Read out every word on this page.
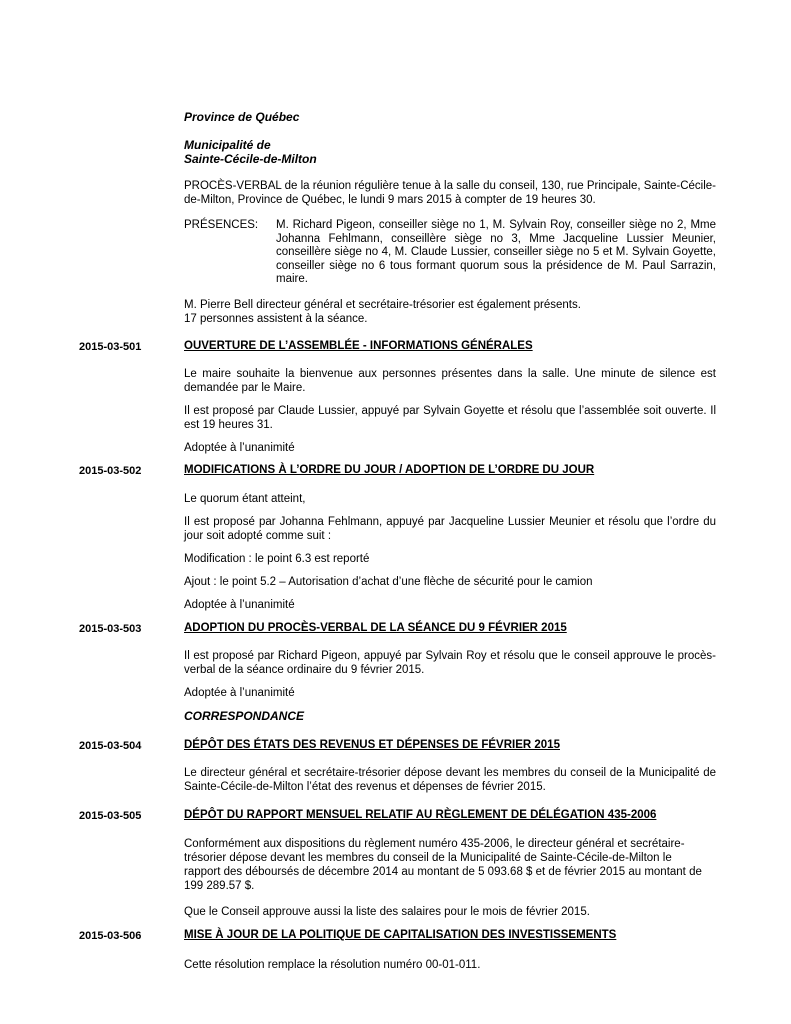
Province de Québec

Municipalité de

Sainte-Cécile-de-Milton

PROCÈS-VERBAL de la réunion régulière tenue à la salle du conseil, 130, rue Principale, Sainte-Cécile-de-Milton, Province de Québec, le lundi 9 mars 2015 à compter de 19 heures 30.

PRÉSENCES: M. Richard Pigeon, conseiller siège no 1, M. Sylvain Roy, conseiller siège no 2, Mme Johanna Fehlmann, conseillère siège no 3, Mme Jacqueline Lussier Meunier, conseillère siège no 4, M. Claude Lussier, conseiller siège no 5 et M. Sylvain Goyette, conseiller siège no 6 tous formant quorum sous la présidence de M. Paul Sarrazin, maire.

M. Pierre Bell directeur général et secrétaire-trésorier est également présents.

17 personnes assistent à la séance.

2015-03-501	OUVERTURE DE L’ASSEMBLÉE - INFORMATIONS GÉNÉRALES

Le maire souhaite la bienvenue aux personnes présentes dans la salle. Une minute de silence est demandée par le Maire.

Il est proposé par Claude Lussier, appuyé par Sylvain Goyette et résolu que l’assemblée soit ouverte. Il est 19 heures 31.

Adoptée à l’unanimité

2015-03-502	MODIFICATIONS À L’ORDRE DU JOUR / ADOPTION DE L’ORDRE DU JOUR

Le quorum étant atteint,

Il est proposé par Johanna Fehlmann, appuyé par Jacqueline Lussier Meunier et résolu que l’ordre du jour soit adopté comme suit :

Modification : le point 6.3 est reporté

Ajout : le point 5.2 – Autorisation d’achat d’une flèche de sécurité pour le camion

Adoptée à l’unanimité

2015-03-503	ADOPTION DU PROCÈS-VERBAL DE LA SÉANCE DU 9 FÉVRIER 2015

Il est proposé par Richard Pigeon, appuyé par Sylvain Roy et résolu que le conseil approuve le procès-verbal de la séance ordinaire du 9 février 2015.

Adoptée à l’unanimité

CORRESPONDANCE

2015-03-504	DÉPÔT DES ÉTATS DES REVENUS ET DÉPENSES DE FÉVRIER 2015

Le directeur général et secrétaire-trésorier dépose devant les membres du conseil de la Municipalité de Sainte-Cécile-de-Milton l’état des revenus et dépenses de février 2015.

2015-03-505	DÉPÔT DU RAPPORT MENSUEL RELATIF AU RÈGLEMENT DE DÉLÉGATION 435-2006

Conformément aux dispositions du règlement numéro 435-2006, le directeur général et secrétaire-

trésorier dépose devant les membres du conseil de la Municipalité de Sainte-Cécile-de-Milton le

rapport des déboursés de décembre 2014 au montant de 5 093.68 $ et de février 2015 au montant de

199 289.57 $.

Que le Conseil approuve aussi la liste des salaires pour le mois de février 2015.

2015-03-506	MISE À JOUR DE LA POLITIQUE DE CAPITALISATION DES INVESTISSEMENTS

Cette résolution remplace la résolution numéro 00-01-011.
